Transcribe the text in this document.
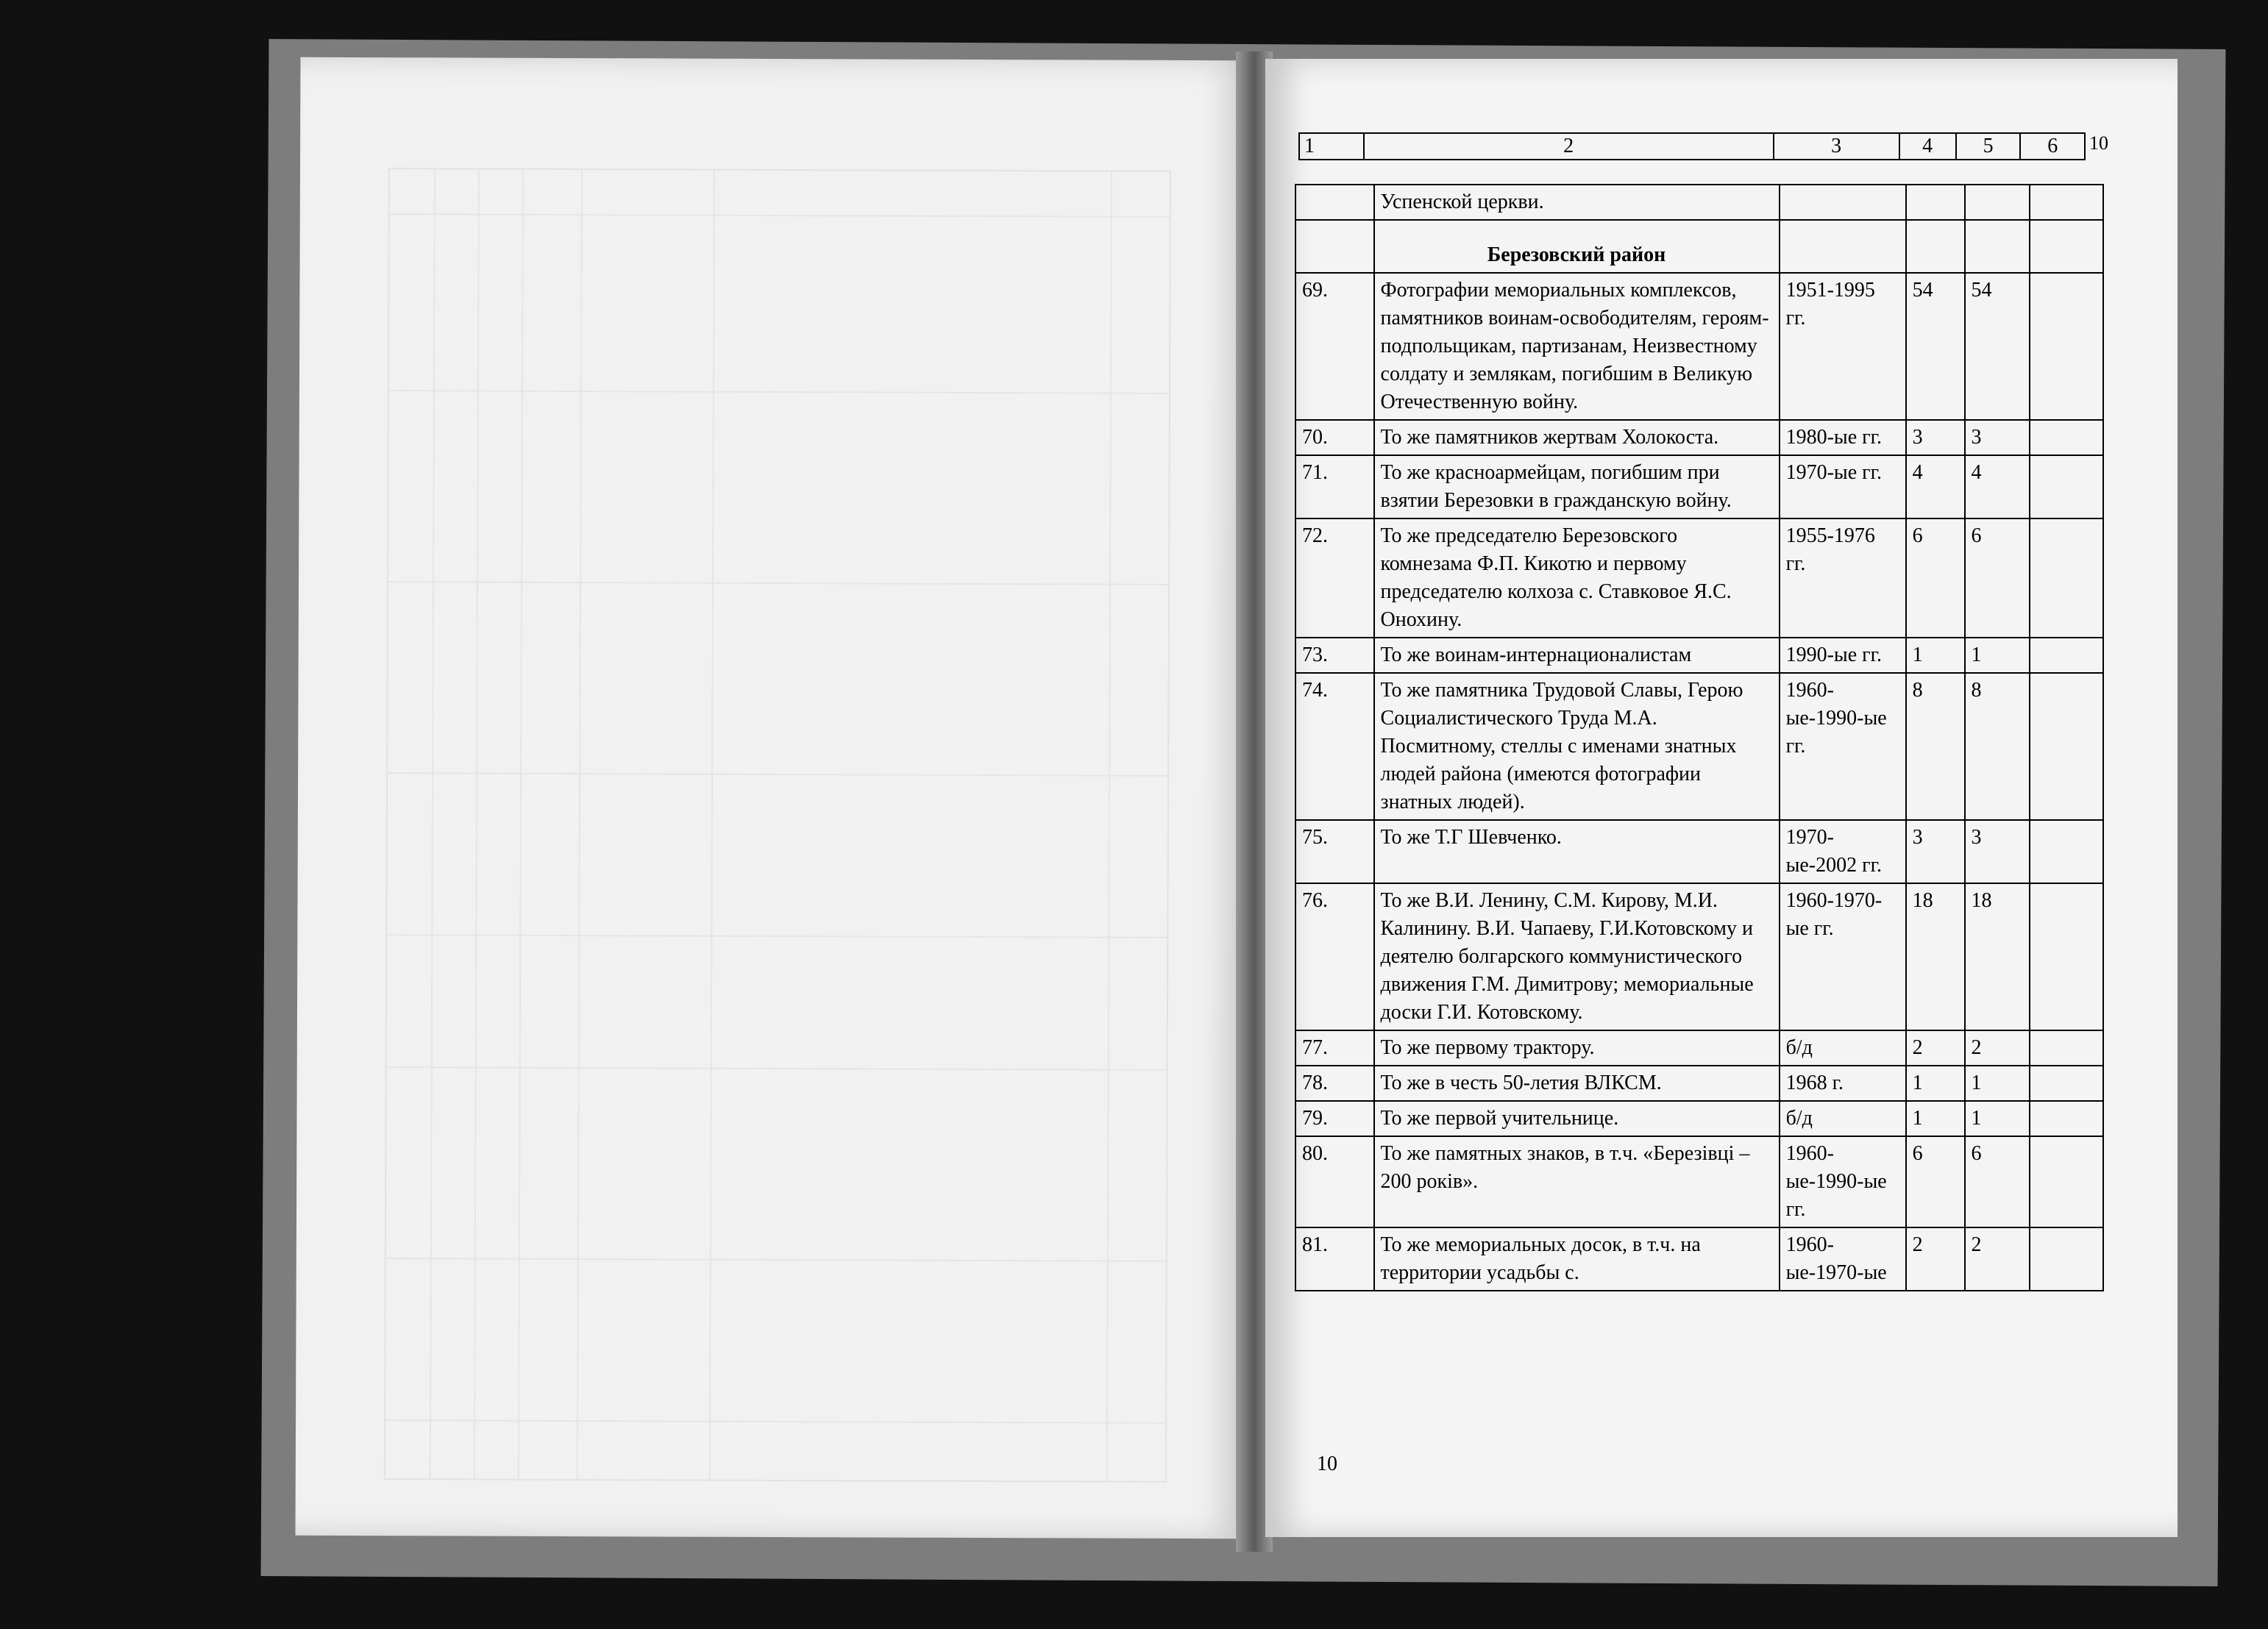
1	2	3	4	5	6 10
	Успенской церкви.				
	Березовский район				
69.	Фотографии мемориальных комплексов, памятников воинам-освободителям, героям-подпольщикам, партизанам, Неизвестному солдату и землякам, погибшим в Великую Отечественную войну.	1951-1995 гг.	54	54	
70.	То же памятников жертвам Холокоста.	1980-ые гг.	3	3	
71.	То же красноармейцам, погибшим при взятии Березовки в гражданскую войну.	1970-ые гг.	4	4	
72.	То же председателю Березовского комнезама Ф.П. Кикотю и первому председателю колхоза с. Ставковое Я.С. Онохину.	1955-1976 гг.	6	6	
73.	То же воинам-интернационалистам	1990-ые гг.	1	1	
74.	То же памятника Трудовой Славы, Герою Социалистического Труда М.А. Посмитному, стеллы с именами знатных людей района (имеются фотографии знатных людей).	1960-ые-1990-ые гг.	8	8	
75.	То же Т.Г Шевченко.	1970-ые-2002 гг.	3	3	
76.	То же В.И. Ленину, С.М. Кирову, М.И. Калинину. В.И. Чапаеву, Г.И.Котовскому и деятелю болгарского коммунистического движения Г.М. Димитрову; мемориальные доски Г.И. Котовскому.	1960-1970-ые гг.	18	18	
77.	То же первому трактору.	б/д	2	2	
78.	То же в честь 50-летия ВЛКСМ.	1968 г.	1	1	
79.	То же первой учительнице.	б/д	1	1	
80.	То же памятных знаков, в т.ч. «Березівці – 200 років».	1960-ые-1990-ые гг.	6	6	
81.	То же мемориальных досок, в т.ч. на территории усадьбы с.	1960-ые-1970-ые	2	2	
10
